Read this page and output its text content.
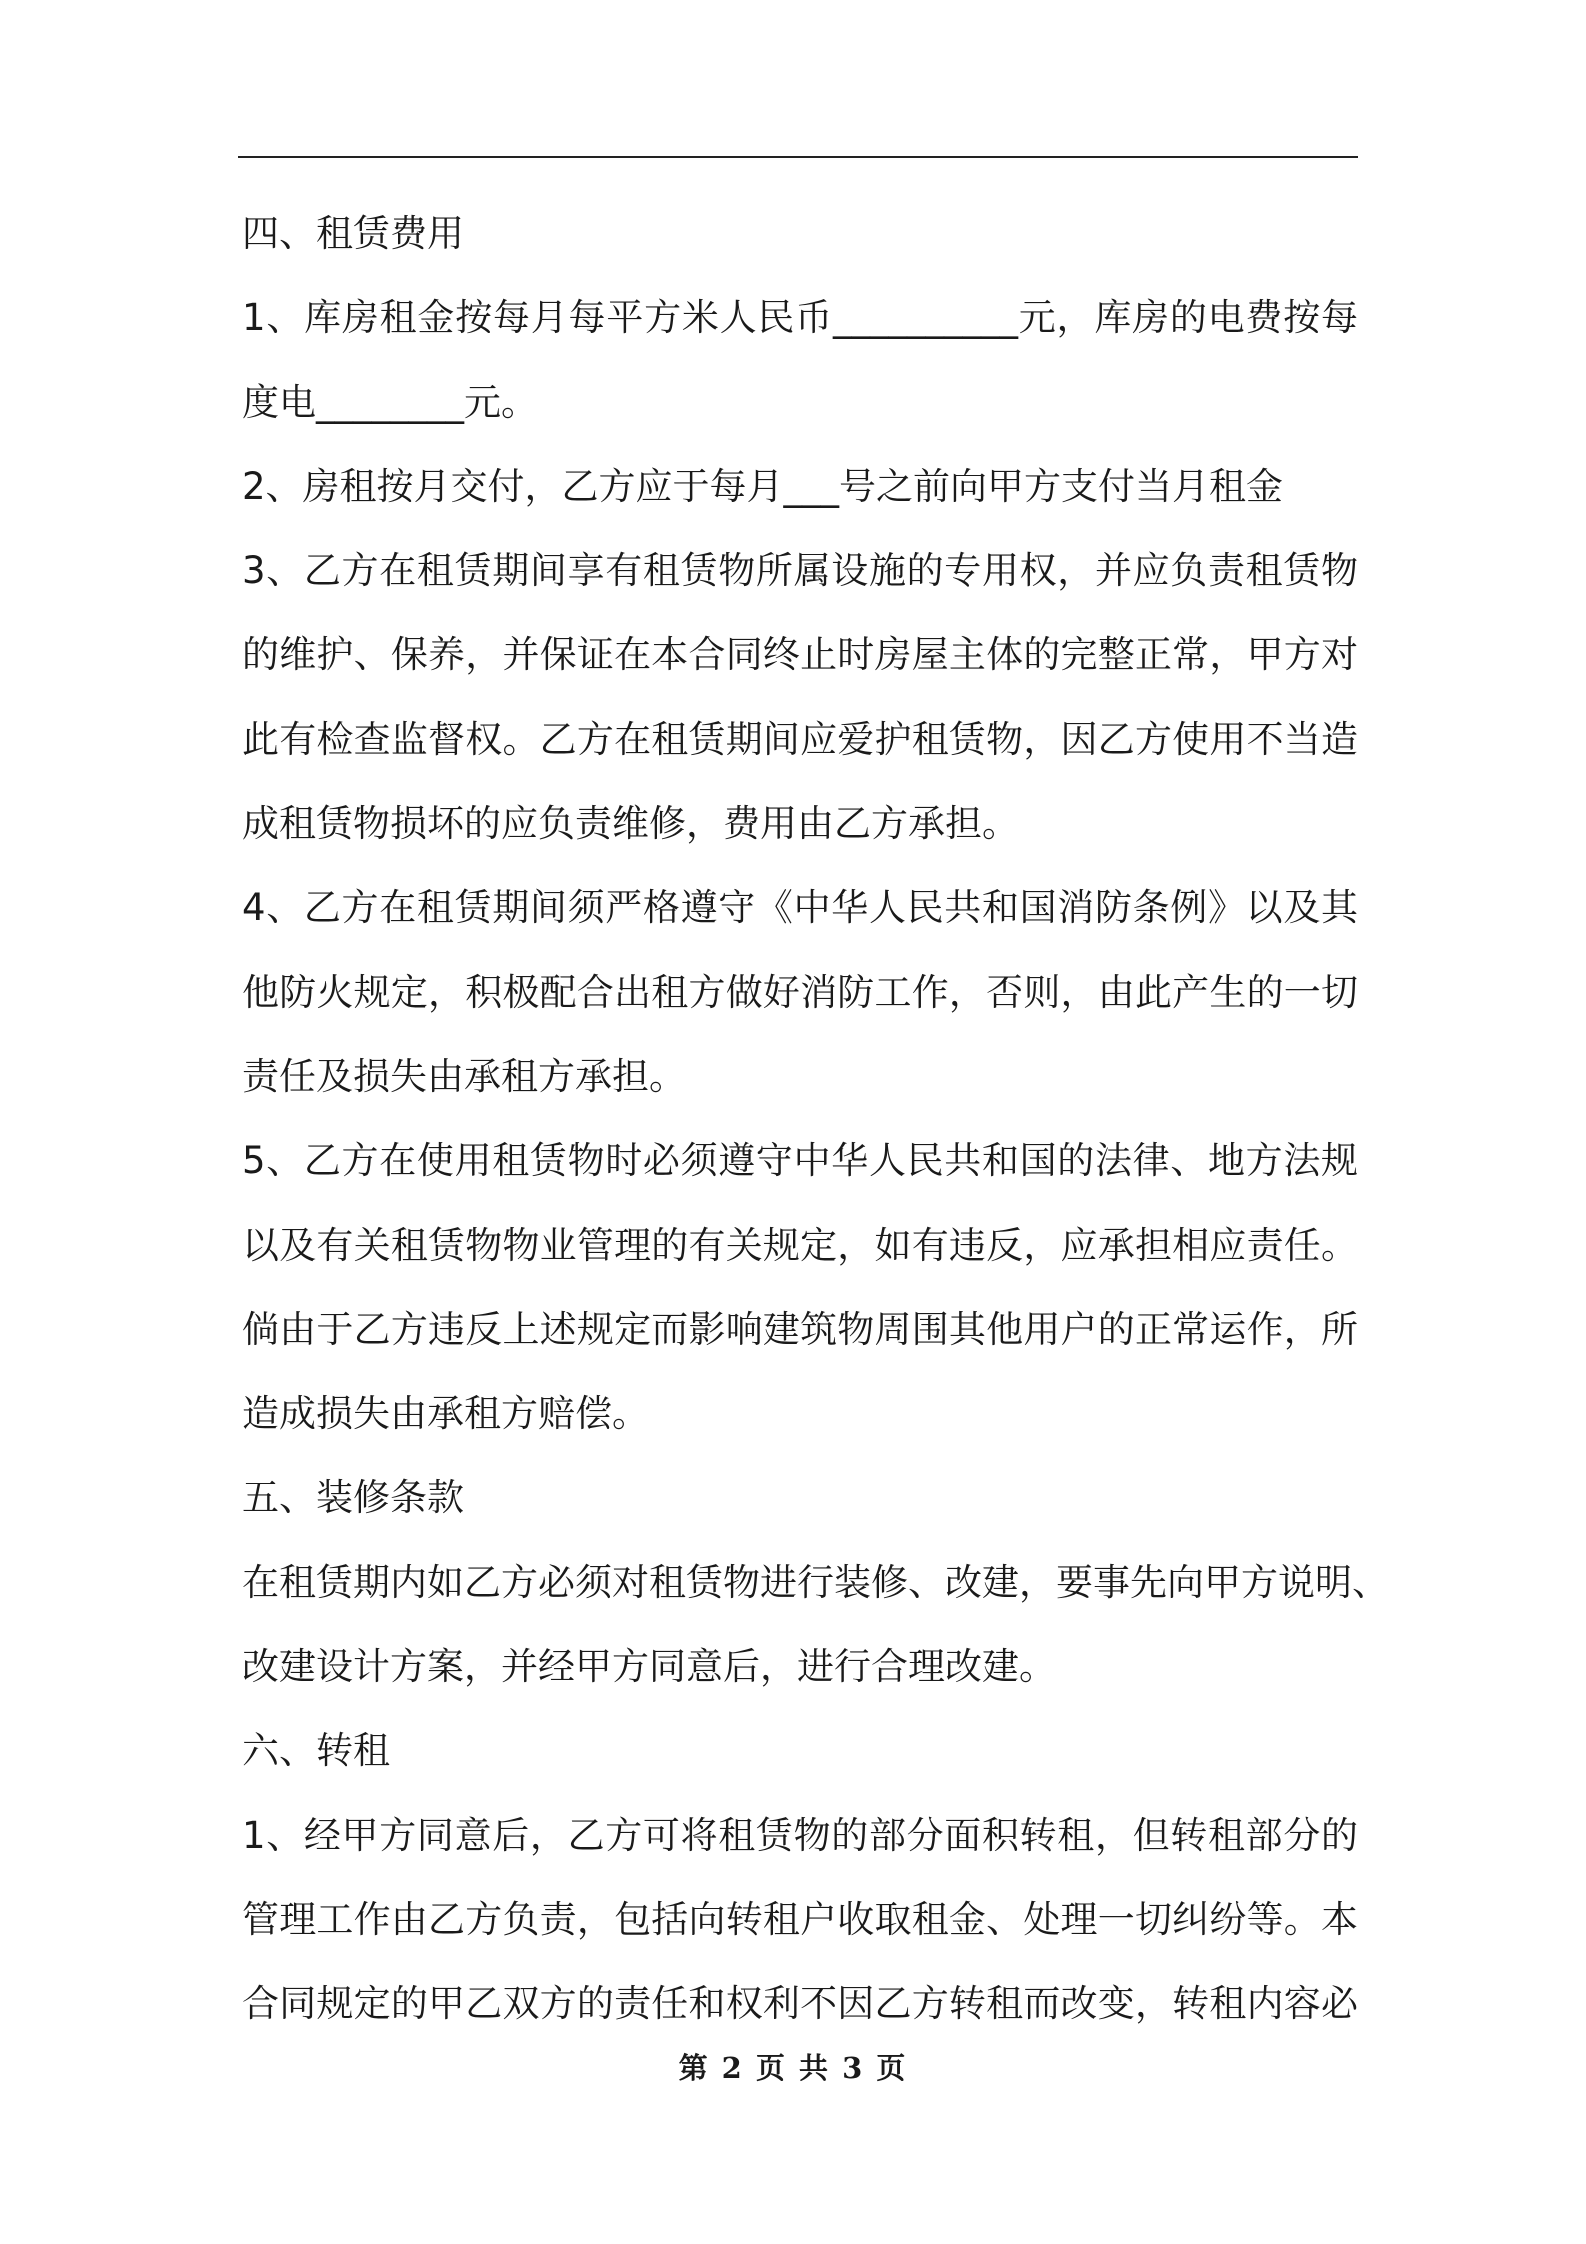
四、租赁费用
1、库房租金按每月每平方米人民币__________元，库房的电费按每
度电________元。
2、房租按月交付，乙方应于每月___号之前向甲方支付当月租金
3、乙方在租赁期间享有租赁物所属设施的专用权，并应负责租赁物
的维护、保养，并保证在本合同终止时房屋主体的完整正常，甲方对
此有检查监督权。乙方在租赁期间应爱护租赁物，因乙方使用不当造
成租赁物损坏的应负责维修，费用由乙方承担。
4、乙方在租赁期间须严格遵守《中华人民共和国消防条例》以及其
他防火规定，积极配合出租方做好消防工作，否则，由此产生的一切
责任及损失由承租方承担。
5、乙方在使用租赁物时必须遵守中华人民共和国的法律、地方法规
以及有关租赁物物业管理的有关规定，如有违反，应承担相应责任。
倘由于乙方违反上述规定而影响建筑物周围其他用户的正常运作，所
造成损失由承租方赔偿。
五、装修条款
在租赁期内如乙方必须对租赁物进行装修、改建，要事先向甲方说明、
改建设计方案，并经甲方同意后，进行合理改建。
六、转租
1、经甲方同意后，乙方可将租赁物的部分面积转租，但转租部分的
管理工作由乙方负责，包括向转租户收取租金、处理一切纠纷等。本
合同规定的甲乙双方的责任和权利不因乙方转租而改变，转租内容必
第 2 页 共 3 页
